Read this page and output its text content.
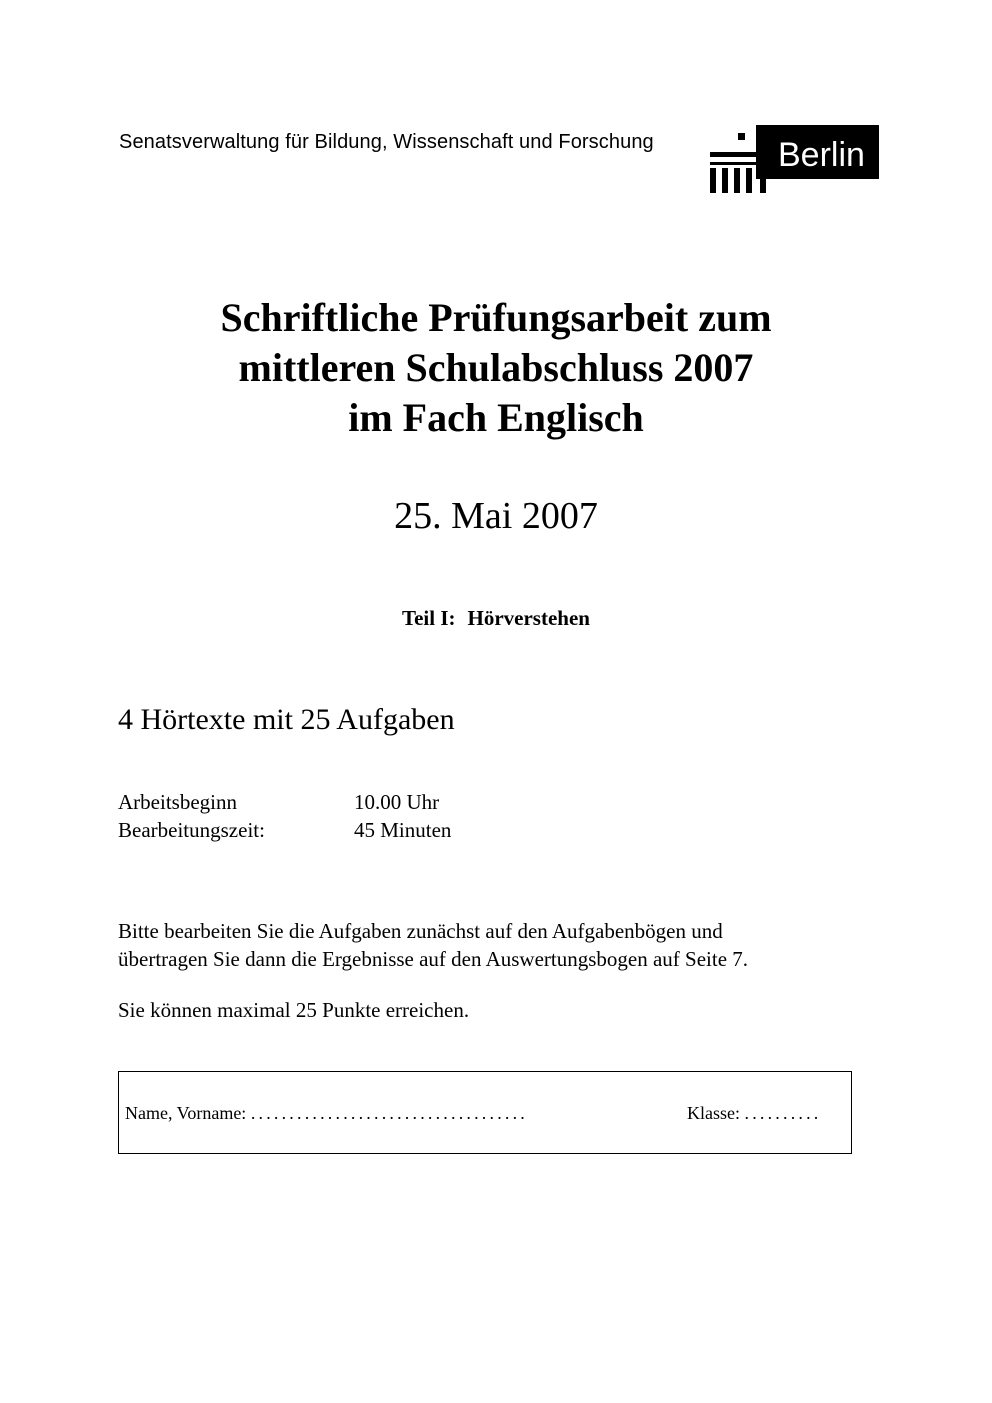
Senatsverwaltung für Bildung, Wissenschaft und Forschung	Berlin
Schriftliche Prüfungsarbeit zum
mittleren Schulabschluss 2007
im Fach Englisch
25. Mai 2007
Teil I: Hörverstehen
4 Hörtexte mit 25 Aufgaben
Arbeitsbeginn	10.00 Uhr
Bearbeitungszeit:	45 Minuten
Bitte bearbeiten Sie die Aufgaben zunächst auf den Aufgabenbögen und
übertragen Sie dann die Ergebnisse auf den Auswertungsbogen auf Seite 7.
Sie können maximal 25 Punkte erreichen.
Name, Vorname: ....................................	Klasse: ..........
